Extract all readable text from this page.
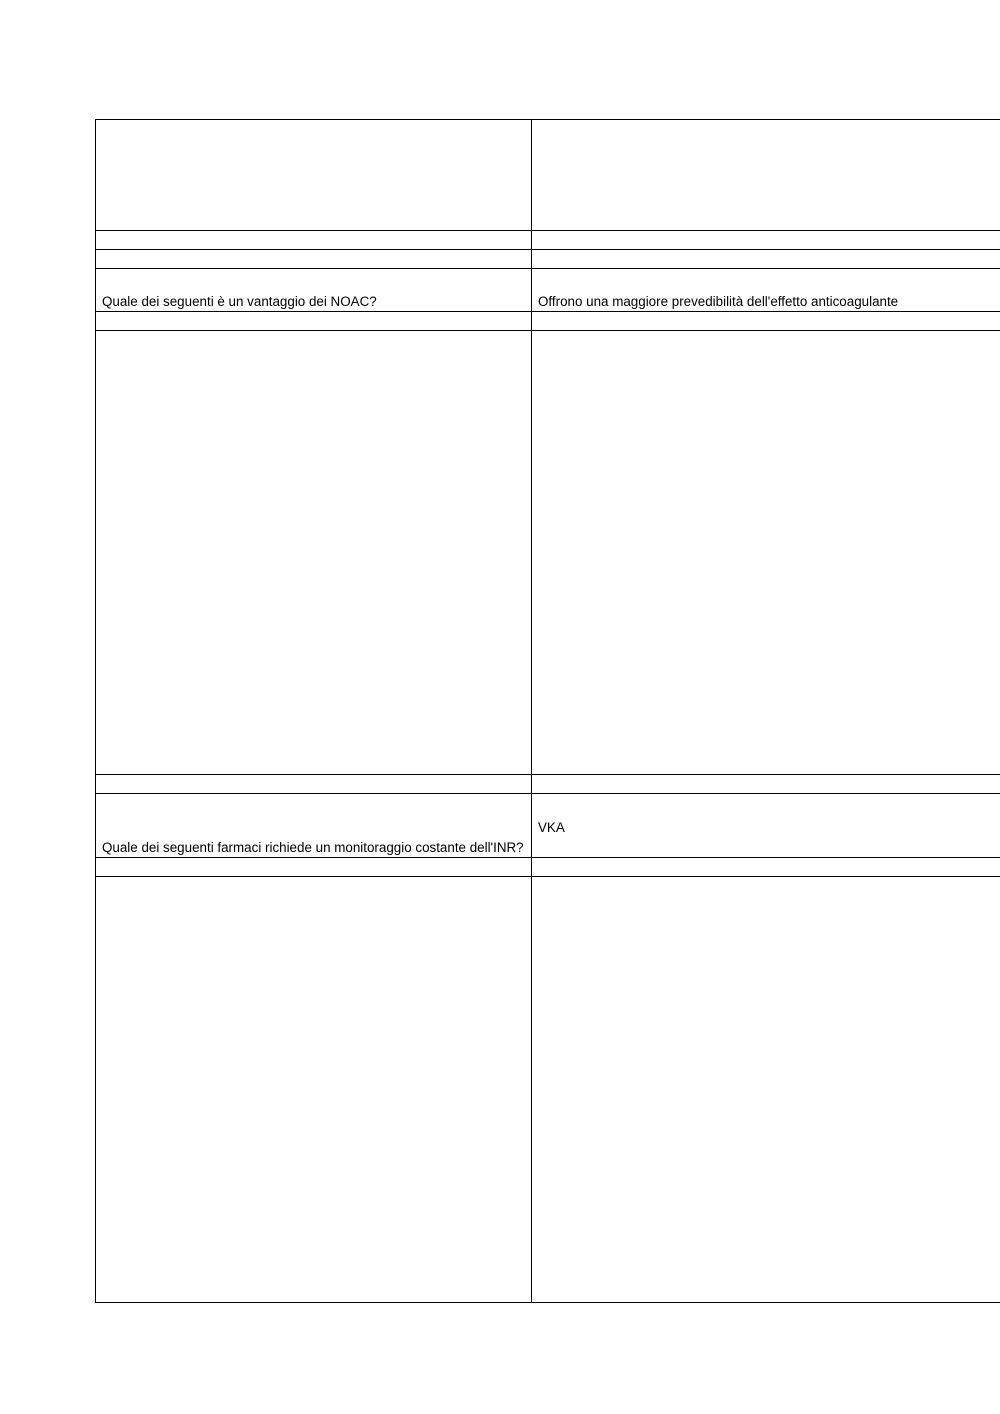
Quale dei seguenti è un vantaggio dei NOAC?	Offrono una maggiore prevedibilità dell'effetto anticoagulante

Quale dei seguenti farmaci richiede un monitoraggio costante dell'INR?	VKA
